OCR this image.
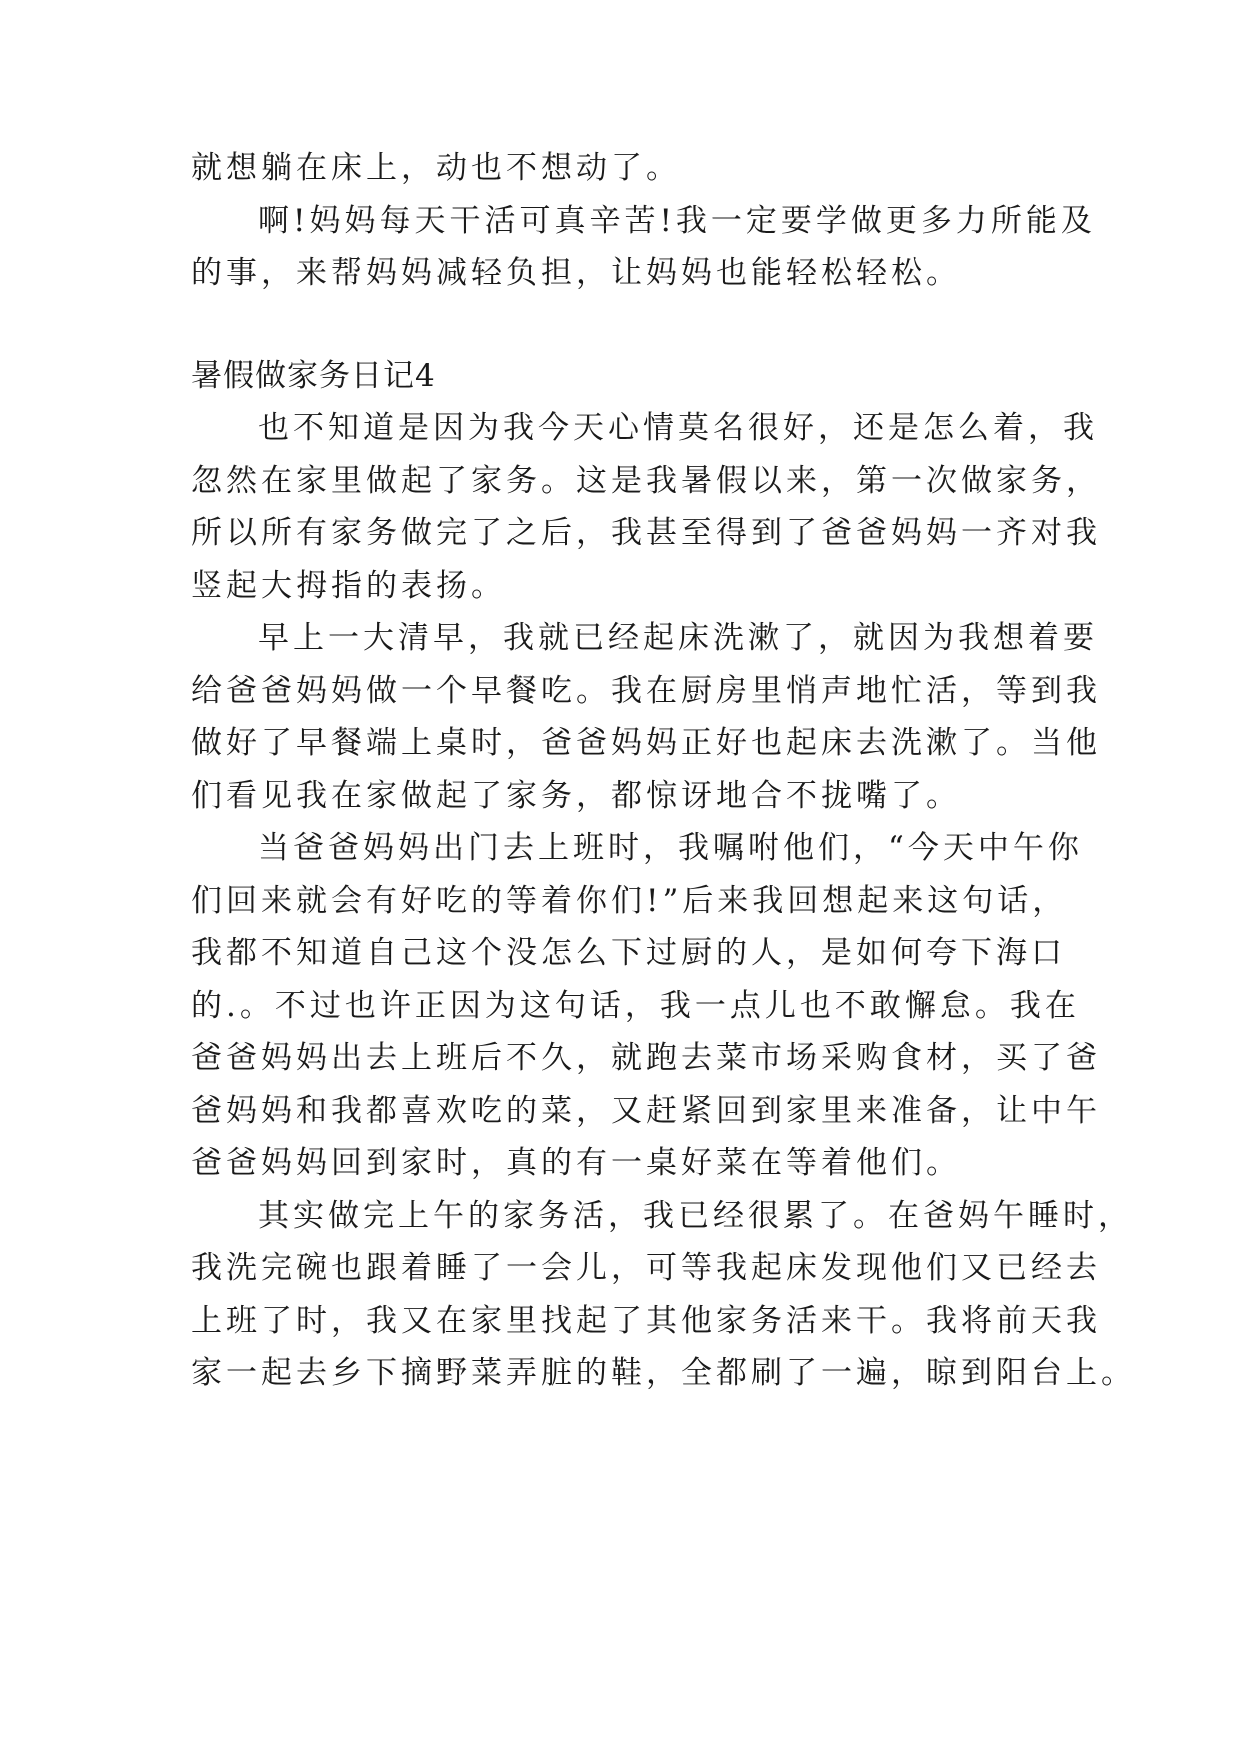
就想躺在床上，动也不想动了。
啊!妈妈每天干活可真辛苦!我一定要学做更多力所能及
的事，来帮妈妈减轻负担，让妈妈也能轻松轻松。
暑假做家务日记4
也不知道是因为我今天心情莫名很好，还是怎么着，我
忽然在家里做起了家务。这是我暑假以来，第一次做家务，
所以所有家务做完了之后，我甚至得到了爸爸妈妈一齐对我
竖起大拇指的表扬。
早上一大清早，我就已经起床洗漱了，就因为我想着要
给爸爸妈妈做一个早餐吃。我在厨房里悄声地忙活，等到我
做好了早餐端上桌时，爸爸妈妈正好也起床去洗漱了。当他
们看见我在家做起了家务，都惊讶地合不拢嘴了。
当爸爸妈妈出门去上班时，我嘱咐他们，“今天中午你
们回来就会有好吃的等着你们!”后来我回想起来这句话，
我都不知道自己这个没怎么下过厨的人，是如何夸下海口
的.。不过也许正因为这句话，我一点儿也不敢懈怠。我在
爸爸妈妈出去上班后不久，就跑去菜市场采购食材，买了爸
爸妈妈和我都喜欢吃的菜，又赶紧回到家里来准备，让中午
爸爸妈妈回到家时，真的有一桌好菜在等着他们。
其实做完上午的家务活，我已经很累了。在爸妈午睡时，
我洗完碗也跟着睡了一会儿，可等我起床发现他们又已经去
上班了时，我又在家里找起了其他家务活来干。我将前天我
家一起去乡下摘野菜弄脏的鞋，全都刷了一遍，晾到阳台上。
